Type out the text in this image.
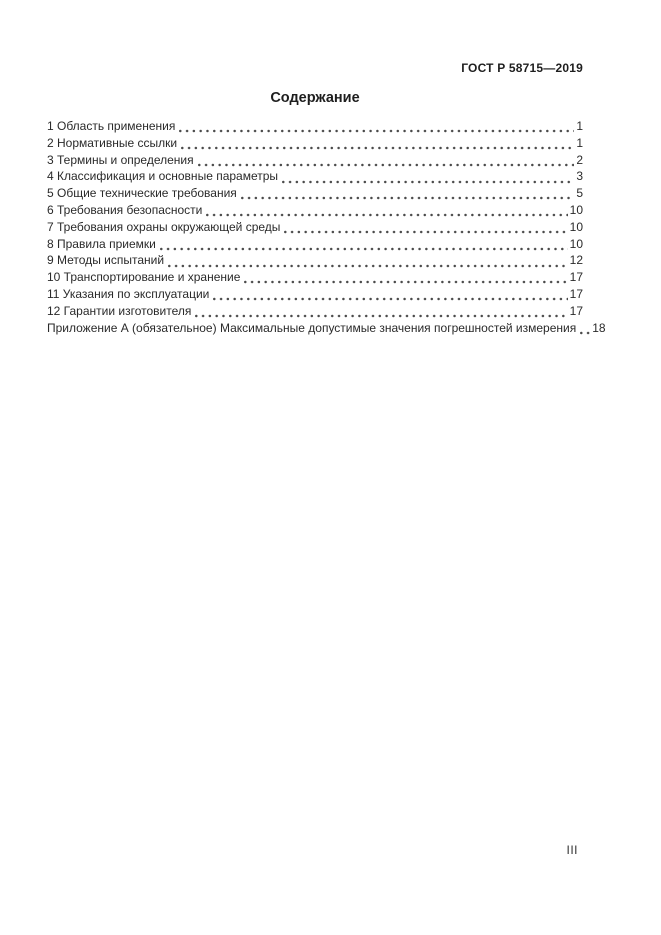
ГОСТ Р 58715—2019
Содержание
1 Область применения	1
2 Нормативные ссылки	1
3 Термины и определения	2
4 Классификация и основные параметры	3
5 Общие технические требования	5
6 Требования безопасности	10
7 Требования охраны окружающей среды	10
8 Правила приемки	10
9 Методы испытаний	12
10 Транспортирование и хранение	17
11 Указания по эксплуатации	17
12 Гарантии изготовителя	17
Приложение А (обязательное) Максимальные допустимые значения погрешностей измерения 18
III
